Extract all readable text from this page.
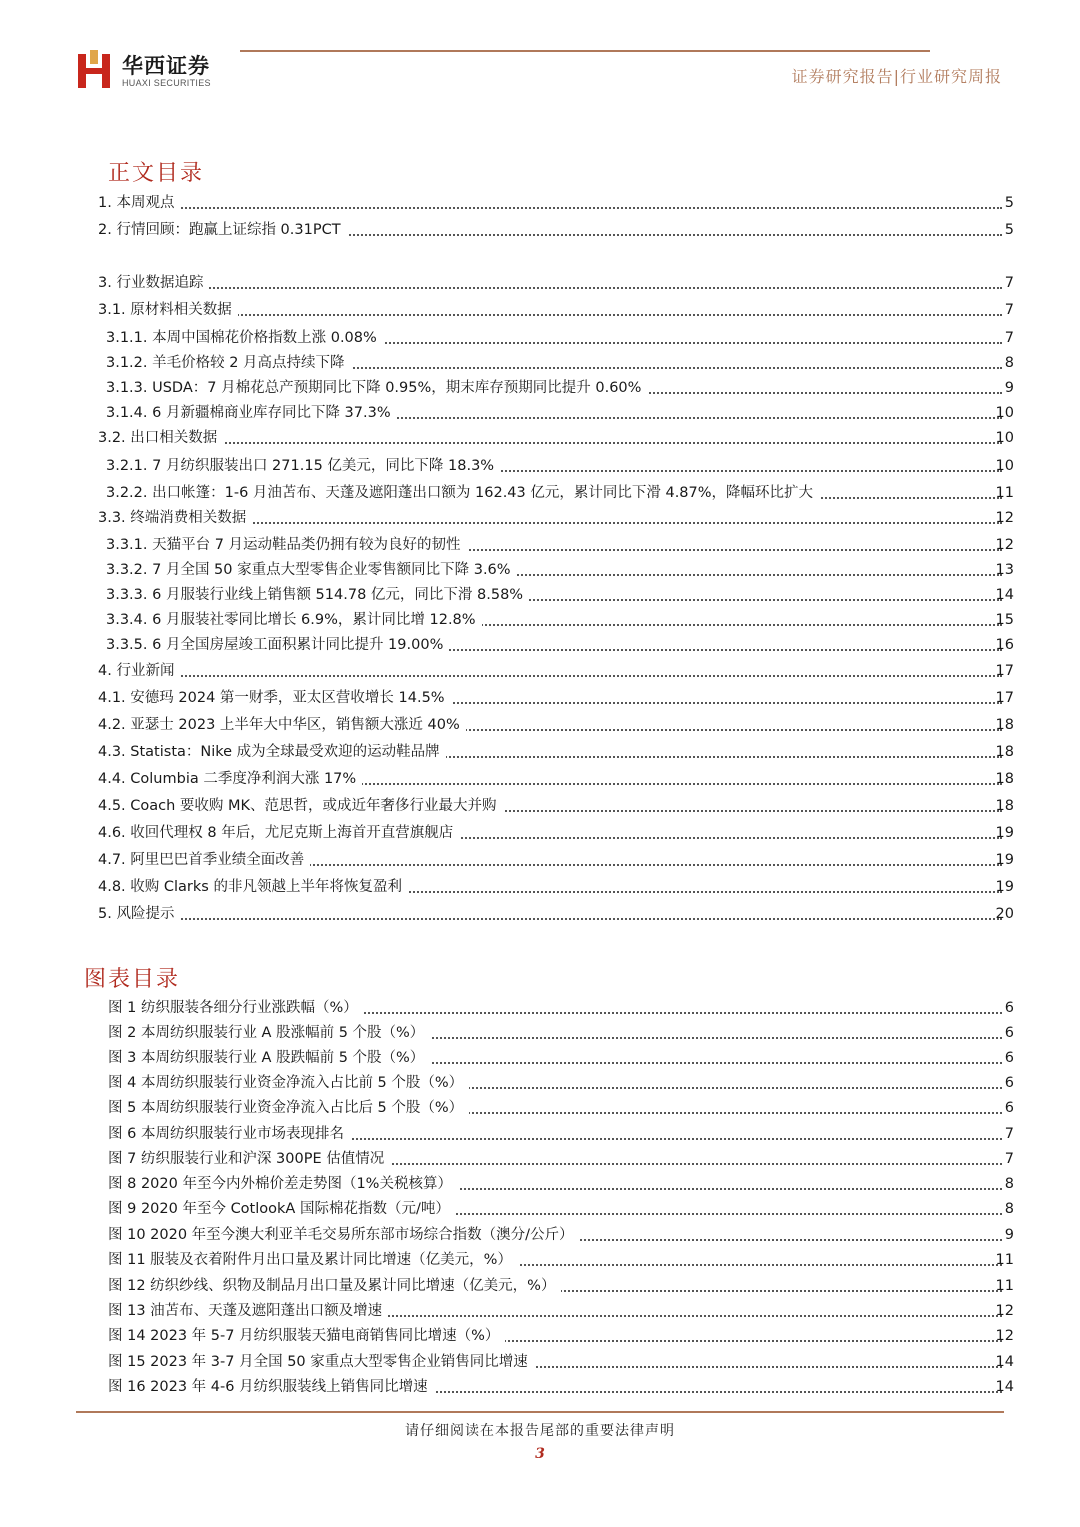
华西证券
HUAXI SECURITIES	证券研究报告|行业研究周报
正文目录
1. 本周观点	5
2. 行情回顾：跑赢上证综指 0.31PCT	5
3. 行业数据追踪	7
3.1. 原材料相关数据	7
3.1.1. 本周中国棉花价格指数上涨 0.08%	7
3.1.2. 羊毛价格较 2 月高点持续下降	8
3.1.3. USDA：7 月棉花总产预期同比下降 0.95%，期末库存预期同比提升 0.60%	9
3.1.4. 6 月新疆棉商业库存同比下降 37.3%	10
3.2. 出口相关数据	10
3.2.1. 7 月纺织服装出口 271.15 亿美元，同比下降 18.3%	10
3.2.2. 出口帐篷：1-6 月油苫布、天蓬及遮阳蓬出口额为 162.43 亿元，累计同比下滑 4.87%，降幅环比扩大	11
3.3. 终端消费相关数据	12
3.3.1. 天猫平台 7 月运动鞋品类仍拥有较为良好的韧性	12
3.3.2. 7 月全国 50 家重点大型零售企业零售额同比下降 3.6%	13
3.3.3. 6 月服装行业线上销售额 514.78 亿元，同比下滑 8.58%	14
3.3.4. 6 月服装社零同比增长 6.9%，累计同比增 12.8%	15
3.3.5. 6 月全国房屋竣工面积累计同比提升 19.00%	16
4. 行业新闻	17
4.1. 安德玛 2024 第一财季，亚太区营收增长 14.5%	17
4.2. 亚瑟士 2023 上半年大中华区，销售额大涨近 40%	18
4.3. Statista：Nike 成为全球最受欢迎的运动鞋品牌	18
4.4. Columbia 二季度净利润大涨 17%	18
4.5. Coach 要收购 MK、范思哲，或成近年奢侈行业最大并购	18
4.6. 收回代理权 8 年后，尤尼克斯上海首开直营旗舰店	19
4.7. 阿里巴巴首季业绩全面改善	19
4.8. 收购 Clarks 的非凡领越上半年将恢复盈利	19
5. 风险提示	20
图表目录
图 1 纺织服装各细分行业涨跌幅（%）	6
图 2 本周纺织服装行业 A 股涨幅前 5 个股（%）	6
图 3 本周纺织服装行业 A 股跌幅前 5 个股（%）	6
图 4 本周纺织服装行业资金净流入占比前 5 个股（%）	6
图 5 本周纺织服装行业资金净流入占比后 5 个股（%）	6
图 6 本周纺织服装行业市场表现排名	7
图 7 纺织服装行业和沪深 300PE 估值情况	7
图 8 2020 年至今内外棉价差走势图（1%关税核算）	8
图 9 2020 年至今 CotlookA 国际棉花指数（元/吨）	8
图 10 2020 年至今澳大利亚羊毛交易所东部市场综合指数（澳分/公斤）	9
图 11 服装及衣着附件月出口量及累计同比增速（亿美元，%）	11
图 12 纺织纱线、织物及制品月出口量及累计同比增速（亿美元，%）	11
图 13 油苫布、天蓬及遮阳蓬出口额及增速	12
图 14 2023 年 5-7 月纺织服装天猫电商销售同比增速（%）	12
图 15 2023 年 3-7 月全国 50 家重点大型零售企业销售同比增速	14
图 16 2023 年 4-6 月纺织服装线上销售同比增速	14
请仔细阅读在本报告尾部的重要法律声明
3
